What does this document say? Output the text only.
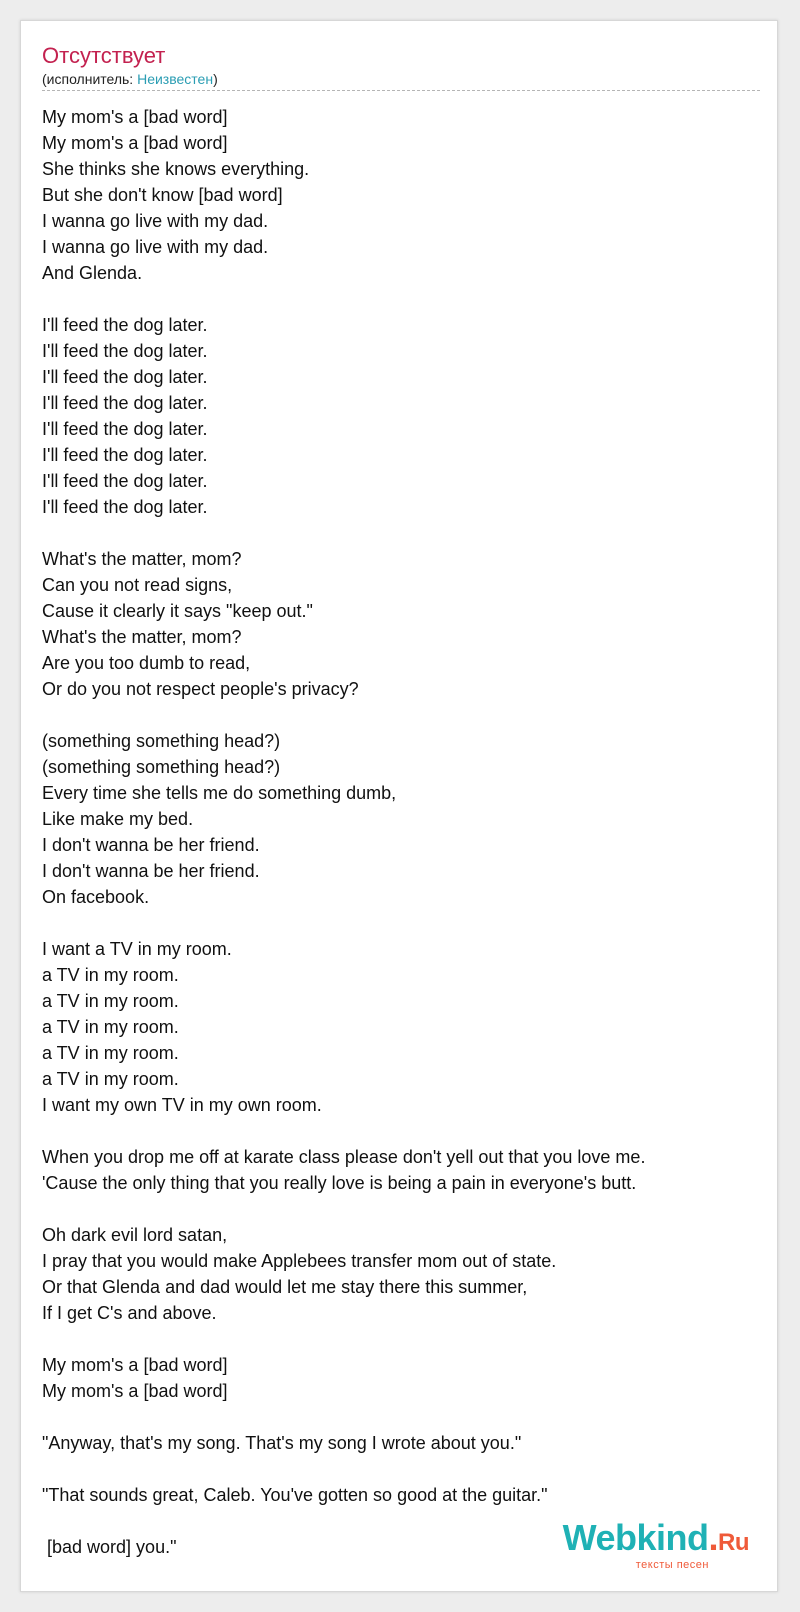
Отсутствует
(исполнитель: Неизвестен)
My mom's a [bad word]
My mom's a [bad word]
She thinks she knows everything.
But she don't know [bad word]
I wanna go live with my dad.
I wanna go live with my dad.
And Glenda.
I'll feed the dog later.
I'll feed the dog later.
I'll feed the dog later.
I'll feed the dog later.
I'll feed the dog later.
I'll feed the dog later.
I'll feed the dog later.
I'll feed the dog later.
What's the matter, mom?
Can you not read signs,
Cause it clearly it says "keep out."
What's the matter, mom?
Are you too dumb to read,
Or do you not respect people's privacy?
(something something head?)
(something something head?)
Every time she tells me do something dumb,
Like make my bed.
I don't wanna be her friend.
I don't wanna be her friend.
On facebook.
I want a TV in my room.
a TV in my room.
a TV in my room.
a TV in my room.
a TV in my room.
a TV in my room.
I want my own TV in my own room.
When you drop me off at karate class please don't yell out that you love me.
'Cause the only thing that you really love is being a pain in everyone's butt.
Oh dark evil lord satan,
I pray that you would make Applebees transfer mom out of state.
Or that Glenda and dad would let me stay there this summer,
If I get C's and above.
My mom's a [bad word]
My mom's a [bad word]
"Anyway, that's my song. That's my song I wrote about you."
"That sounds great, Caleb. You've gotten so good at the guitar."
[bad word] you."	Webkind.Ru
тексты песен
